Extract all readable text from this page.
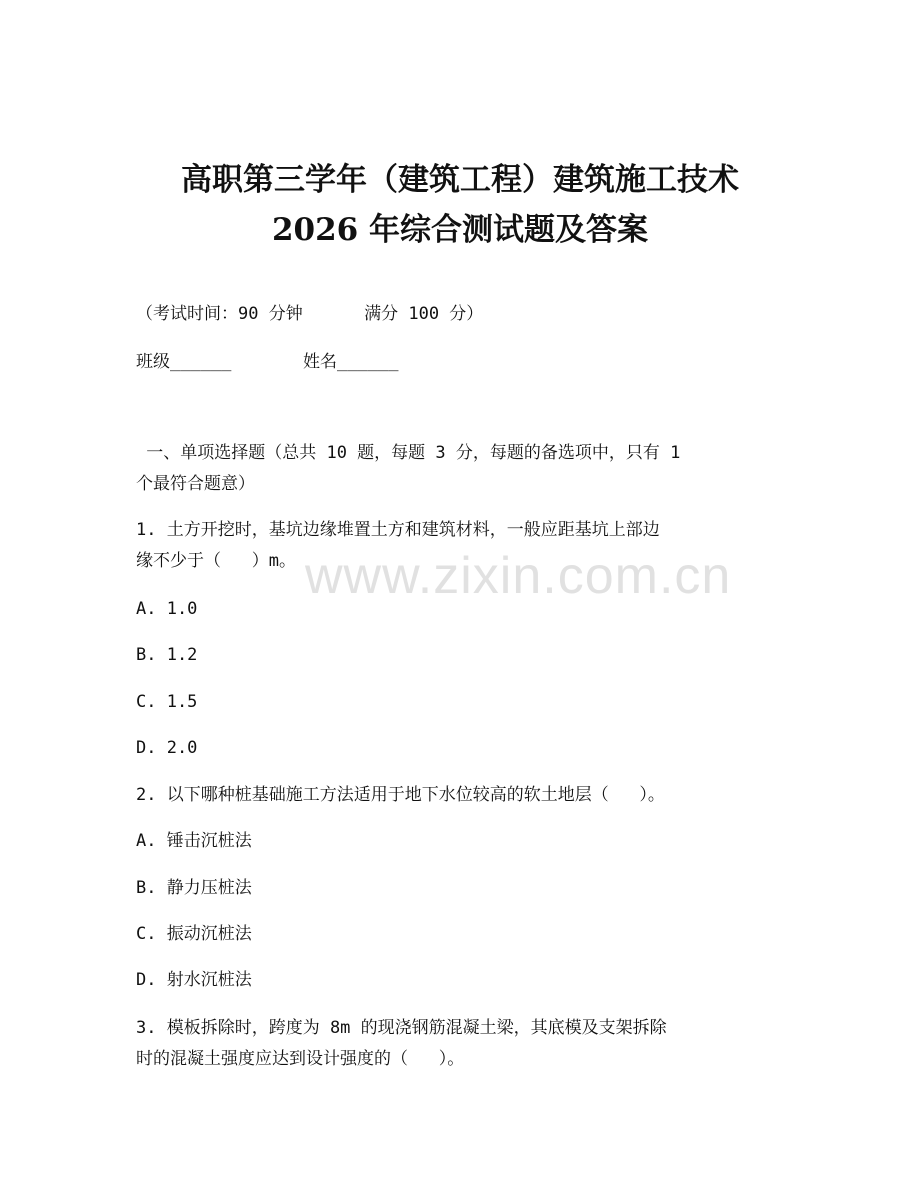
高职第三学年（建筑工程）建筑施工技术
2026 年综合测试题及答案

（考试时间：90 分钟      满分 100 分）

班级______       姓名______

一、单项选择题（总共 10 题，每题 3 分，每题的备选项中，只有 1

个最符合题意）

1. 土方开挖时，基坑边缘堆置土方和建筑材料，一般应距基坑上部边

缘不少于（   ）m。

A. 1.0

B. 1.2

C. 1.5

D. 2.0

2. 以下哪种桩基础施工方法适用于地下水位较高的软土地层（   ）。

A. 锤击沉桩法

B. 静力压桩法

C. 振动沉桩法

D. 射水沉桩法

3. 模板拆除时，跨度为 8m 的现浇钢筋混凝土梁，其底模及支架拆除

时的混凝土强度应达到设计强度的（   ）。

www.zixin.com.cn
